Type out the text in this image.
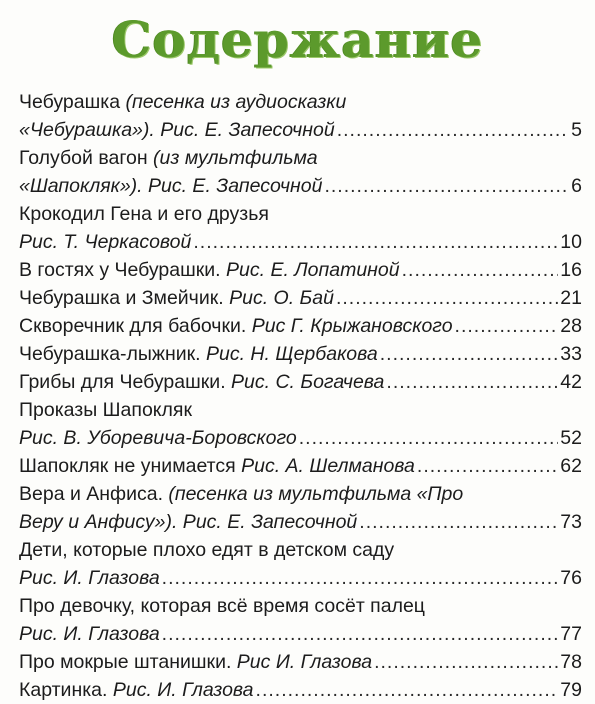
Содержание
Чебурашка (песенка из аудиосказки
«Чебурашка»). Рис. Е. Запесочной .....	5
Голубой вагон (из мультфильма
«Шапокляк»). Рис. Е. Запесочной .....	6
Крокодил Гена и его друзья
Рис. Т. Черкасовой .....	10
В гостях у Чебурашки. Рис. Е. Лопатиной .....	16
Чебурашка и Змейчик. Рис. О. Бай .....	21
Скворечник для бабочки. Рис Г. Крыжановского .....	28
Чебурашка-лыжник. Рис. Н. Щербакова .....	33
Грибы для Чебурашки. Рис. С. Богачева .....	42
Проказы Шапокляк
Рис. В. Уборевича-Боровского .....	52
Шапокляк не унимается Рис. А. Шелманова .....	62
Вера и Анфиса. (песенка из мультфильма «Про
Веру и Анфису»). Рис. Е. Запесочной .....	73
Дети, которые плохо едят в детском саду
Рис. И. Глазова .....	76
Про девочку, которая всё время сосёт палец
Рис. И. Глазова .....	77
Про мокрые штанишки. Рис И. Глазова .....	78
Картинка. Рис. И. Глазова .....	79
